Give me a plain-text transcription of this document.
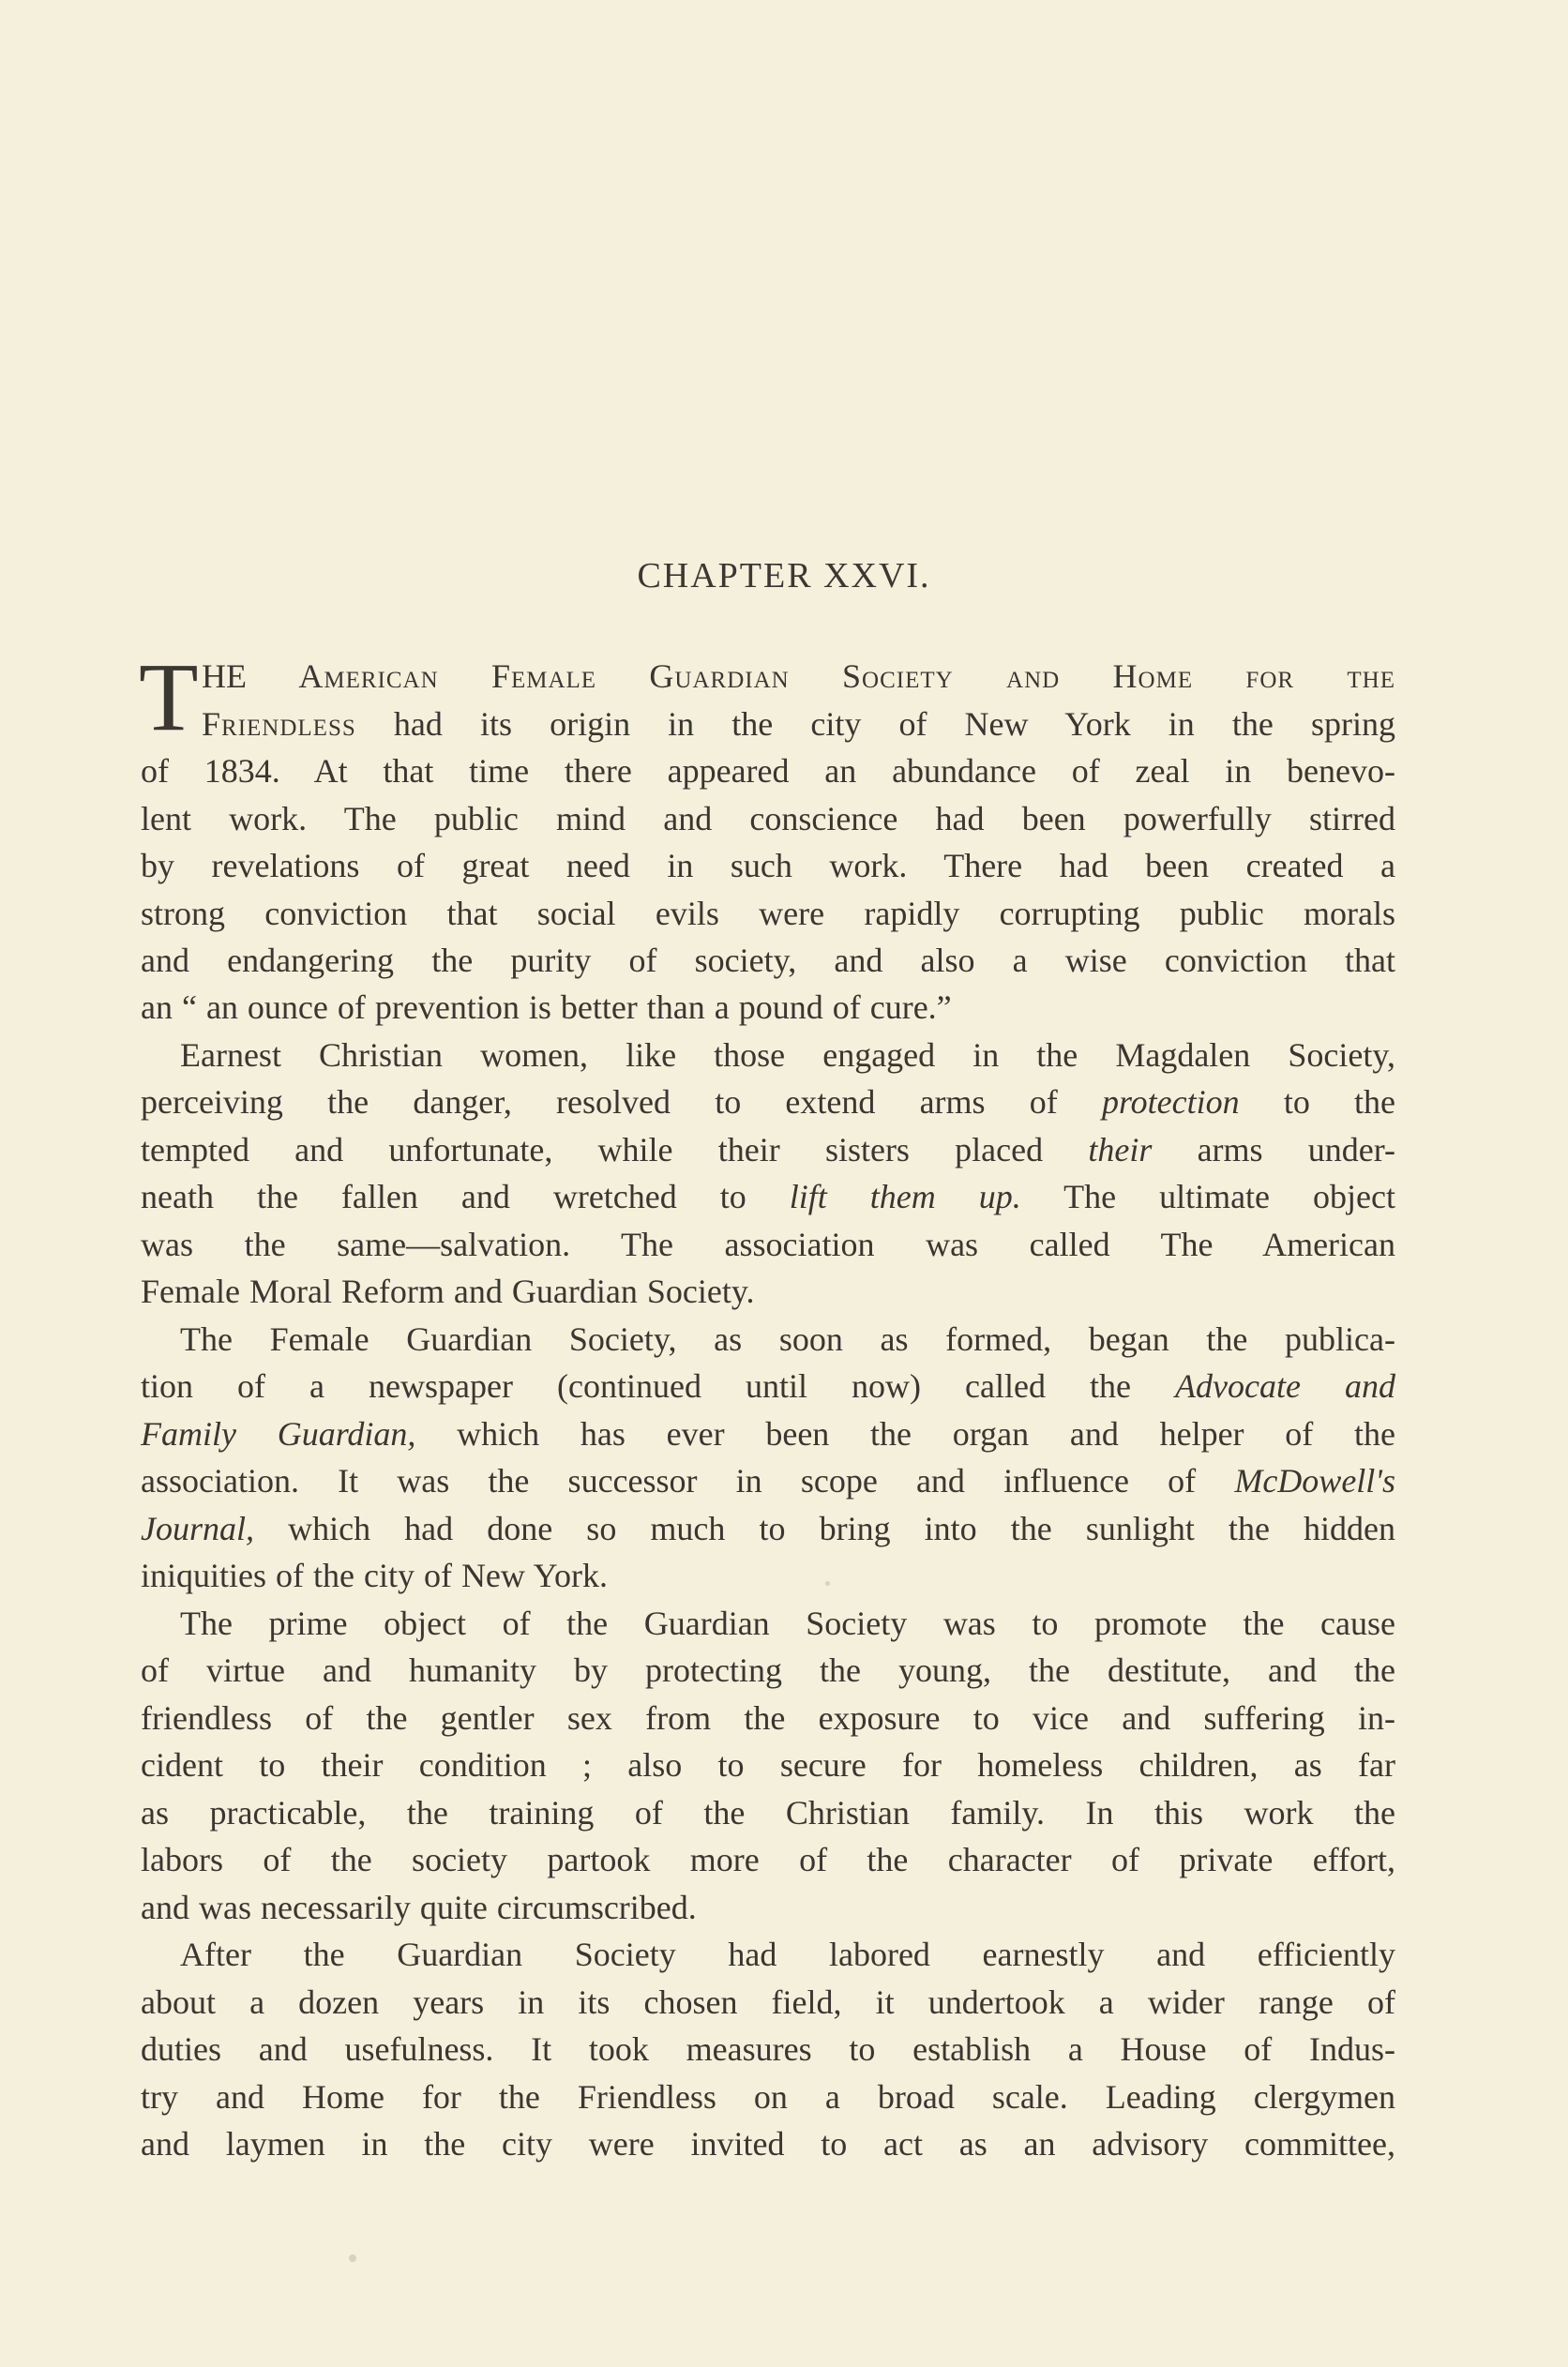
CHAPTER XXVI.
T HE American Female Guardian Society and Home for the
Friendless had its origin in the city of New York in the spring
of 1834. At that time there appeared an abundance of zeal in benevo-
lent work. The public mind and conscience had been powerfully stirred
by revelations of great need in such work. There had been created a
strong conviction that social evils were rapidly corrupting public morals
and endangering the purity of society, and also a wise conviction that
an “ an ounce of prevention is better than a pound of cure.”
Earnest Christian women, like those engaged in the Magdalen Society,
perceiving the danger, resolved to extend arms of protection to the
tempted and unfortunate, while their sisters placed their arms under-
neath the fallen and wretched to lift them up. The ultimate object
was the same—salvation. The association was called The American
Female Moral Reform and Guardian Society.
The Female Guardian Society, as soon as formed, began the publica-
tion of a newspaper (continued until now) called the Advocate and
Family Guardian, which has ever been the organ and helper of the
association. It was the successor in scope and influence of McDowell's
Journal, which had done so much to bring into the sunlight the hidden
iniquities of the city of New York.
The prime object of the Guardian Society was to promote the cause
of virtue and humanity by protecting the young, the destitute, and the
friendless of the gentler sex from the exposure to vice and suffering in-
cident to their condition ; also to secure for homeless children, as far
as practicable, the training of the Christian family. In this work the
labors of the society partook more of the character of private effort,
and was necessarily quite circumscribed.
After the Guardian Society had labored earnestly and efficiently
about a dozen years in its chosen field, it undertook a wider range of
duties and usefulness. It took measures to establish a House of Indus-
try and Home for the Friendless on a broad scale. Leading clergymen
and laymen in the city were invited to act as an advisory committee,
